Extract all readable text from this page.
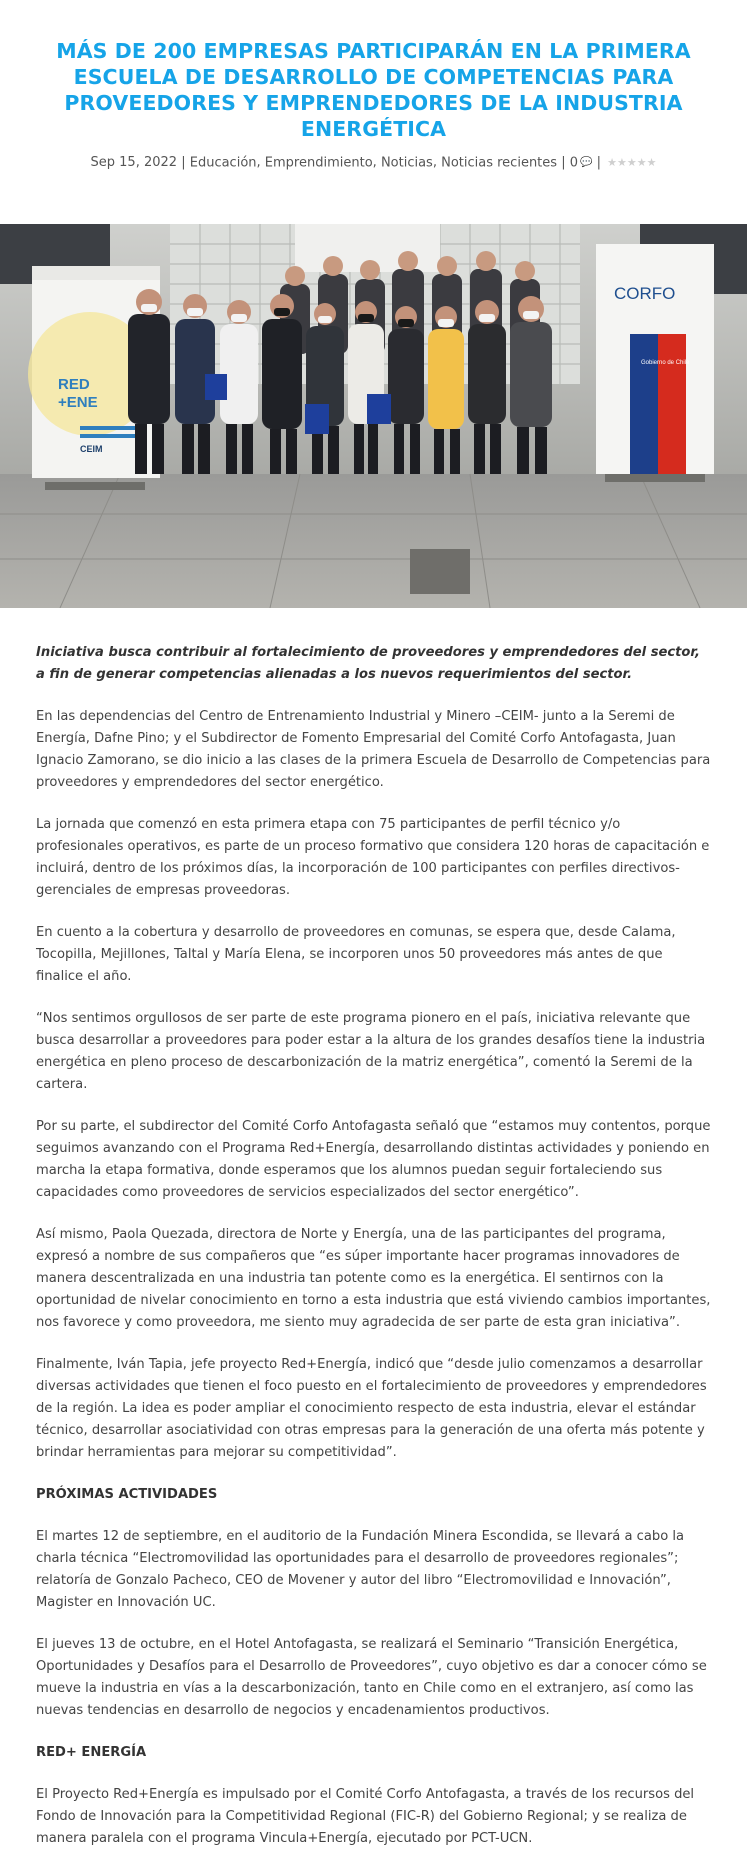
MÁS DE 200 EMPRESAS PARTICIPARÁN EN LA PRIMERA ESCUELA DE DESARROLLO DE COMPETENCIAS PARA PROVEEDORES Y EMPRENDEDORES DE LA INDUSTRIA ENERGÉTICA
Sep 15, 2022 | Educación, Emprendimiento, Noticias, Noticias recientes | 0 💬 | ★★★★★
RED
+ENE
CEIM
CORFO
Gobierno de Chile

Iniciativa busca contribuir al fortalecimiento de proveedores y emprendedores del sector, a fin de generar competencias alienadas a los nuevos requerimientos del sector.

En las dependencias del Centro de Entrenamiento Industrial y Minero –CEIM- junto a la Seremi de Energía, Dafne Pino; y el Subdirector de Fomento Empresarial del Comité Corfo Antofagasta, Juan Ignacio Zamorano, se dio inicio a las clases de la primera Escuela de Desarrollo de Competencias para proveedores y emprendedores del sector energético.

La jornada que comenzó en esta primera etapa con 75 participantes de perfil técnico y/o profesionales operativos, es parte de un proceso formativo que considera 120 horas de capacitación e incluirá, dentro de los próximos días, la incorporación de 100 participantes con perfiles directivos-gerenciales de empresas proveedoras.

En cuento a la cobertura y desarrollo de proveedores en comunas, se espera que, desde Calama, Tocopilla, Mejillones, Taltal y María Elena, se incorporen unos 50 proveedores más antes de que finalice el año.

“Nos sentimos orgullosos de ser parte de este programa pionero en el país, iniciativa relevante que busca desarrollar a proveedores para poder estar a la altura de los grandes desafíos tiene la industria energética en pleno proceso de descarbonización de la matriz energética”, comentó la Seremi de la cartera.

Por su parte, el subdirector del Comité Corfo Antofagasta señaló que “estamos muy contentos, porque seguimos avanzando con el Programa Red+Energía, desarrollando distintas actividades y poniendo en marcha la etapa formativa, donde esperamos que los alumnos puedan seguir fortaleciendo sus capacidades como proveedores de servicios especializados del sector energético”.

Así mismo, Paola Quezada, directora de Norte y Energía, una de las participantes del programa, expresó a nombre de sus compañeros que “es súper importante hacer programas innovadores de manera descentralizada en una industria tan potente como es la energética. El sentirnos con la oportunidad de nivelar conocimiento en torno a esta industria que está viviendo cambios importantes, nos favorece y como proveedora, me siento muy agradecida de ser parte de esta gran iniciativa”.

Finalmente, Iván Tapia, jefe proyecto Red+Energía, indicó que “desde julio comenzamos a desarrollar diversas actividades que tienen el foco puesto en el fortalecimiento de proveedores y emprendedores de la región. La idea es poder ampliar el conocimiento respecto de esta industria, elevar el estándar técnico, desarrollar asociatividad con otras empresas para la generación de una oferta más potente y brindar herramientas para mejorar su competitividad”.

PRÓXIMAS ACTIVIDADES

El martes 12 de septiembre, en el auditorio de la Fundación Minera Escondida, se llevará a cabo la charla técnica “Electromovilidad las oportunidades para el desarrollo de proveedores regionales”; relatoría de Gonzalo Pacheco, CEO de Movener y autor del libro “Electromovilidad e Innovación”, Magister en Innovación UC.

El jueves 13 de octubre, en el Hotel Antofagasta, se realizará el Seminario “Transición Energética, Oportunidades y Desafíos para el Desarrollo de Proveedores”, cuyo objetivo es dar a conocer cómo se mueve la industria en vías a la descarbonización, tanto en Chile como en el extranjero, así como las nuevas tendencias en desarrollo de negocios y encadenamientos productivos.

RED+ ENERGÍA

El Proyecto Red+Energía es impulsado por el Comité Corfo Antofagasta, a través de los recursos del Fondo de Innovación para la Competitividad Regional (FIC-R) del Gobierno Regional; y se realiza de manera paralela con el programa Vincula+Energía, ejecutado por PCT-UCN.
